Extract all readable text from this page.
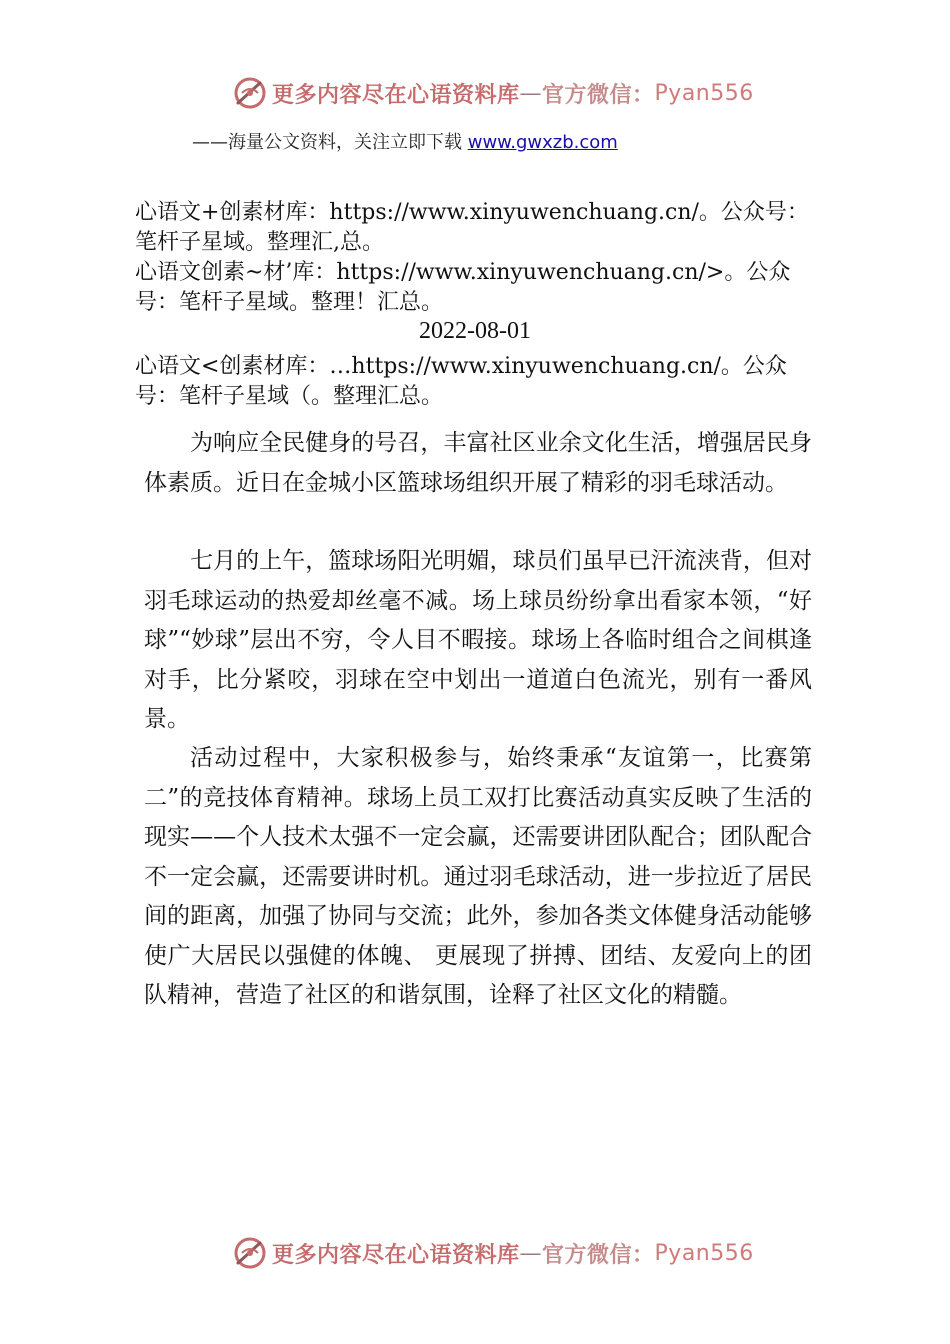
更多内容尽在心语资料库 — 官方微信： Pyan556
——海量公文资料，关注立即下载 www.gwxzb.com
心语文+创素材库：https://www.xinyuwenchuang.cn/。公众号：笔杆子星域。整理汇,总。
心语文创素~材’库：https://www.xinyuwenchuang.cn/>。公众号：笔杆子星域。整理！汇总。
2022-08-01
心语文<创素材库：…https://www.xinyuwenchuang.cn/。公众号：笔杆子星域（。整理汇总。
为响应全民健身的号召，丰富社区业余文化生活，增强居民身体素质。近日在金城小区篮球场组织开展了精彩的羽毛球活动。
七月的上午，篮球场阳光明媚，球员们虽早已汗流浃背，但对羽毛球运动的热爱却丝毫不减。场上球员纷纷拿出看家本领，“好球”“妙球”层出不穷，令人目不暇接。球场上各临时组合之间棋逢对手，比分紧咬，羽球在空中划出一道道白色流光，别有一番风景。
活动过程中，大家积极参与，始终秉承“友谊第一，比赛第二”的竞技体育精神。球场上员工双打比赛活动真实反映了生活的现实——个人技术太强不一定会赢，还需要讲团队配合；团队配合不一定会赢，还需要讲时机。通过羽毛球活动，进一步拉近了居民间的距离，加强了协同与交流；此外，参加各类文体健身活动能够使广大居民以强健的体魄、 更展现了拼搏、团结、友爱向上的团队精神，营造了社区的和谐氛围，诠释了社区文化的精髓。
更多内容尽在心语资料库 — 官方微信： Pyan556
